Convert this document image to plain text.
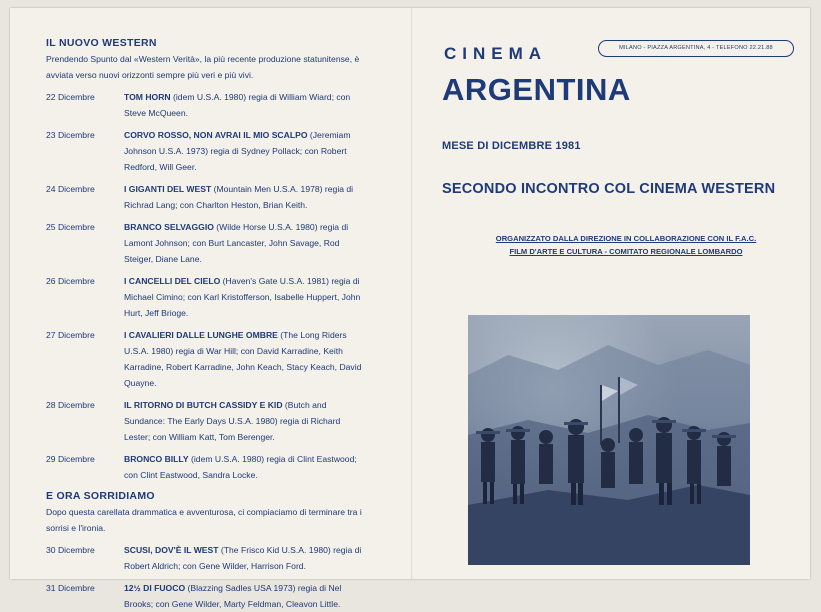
IL NUOVO WESTERN

Prendendo Spunto dal «Western Verità», la più recente produzione statunitense, è avviata verso nuovi orizzonti sempre più veri e più vivi.

22 Dicembre	TOM HORN (idem U.S.A. 1980) regia di William Wiard; con Steve McQueen.
23 Dicembre	CORVO ROSSO, NON AVRAI IL MIO SCALPO (Jeremiam Johnson U.S.A. 1973) regia di Sydney Pollack; con Robert Redford, Will Geer.
24 Dicembre	I GIGANTI DEL WEST (Mountain Men U.S.A. 1978) regia di Richrad Lang; con Charlton Heston, Brian Keith.
25 Dicembre	BRANCO SELVAGGIO (Wilde Horse U.S.A. 1980) regia di Lamont Johnson; con Burt Lancaster, John Savage, Rod Steiger, Diane Lane.
26 Dicembre	I CANCELLI DEL CIELO (Haven's Gate U.S.A. 1981) regia di Michael Cimino; con Karl Kristofferson, Isabelle Huppert, John Hurt, Jeff Brioge.
27 Dicembre	I CAVALIERI DALLE LUNGHE OMBRE (The Long Riders U.S.A. 1980) regia di War Hill; con David Karradine, Keith Karradine, Robert Karradine, John Keach, Stacy Keach, David Quayne.
28 Dicembre	IL RITORNO DI BUTCH CASSIDY E KID (Butch and Sundance: The Early Days U.S.A. 1980) regia di Richard Lester; con William Katt, Tom Berenger.
29 Dicembre	BRONCO BILLY (idem U.S.A. 1980) regia di Clint Eastwood; con Clint Eastwood, Sandra Locke.

E ORA SORRIDIAMO

Dopo questa carellata drammatica e avventurosa, ci compiaciamo di terminare tra i sorrisi e l'ironia.

30 Dicembre	SCUSI, DOV'È IL WEST (The Frisco Kid U.S.A. 1980) regia di Robert Aldrich; con Gene Wilder, Harrison Ford.
31 Dicembre	12½ DI FUOCO (Blazzing Sadles USA 1973) regia di Nel Brooks; con Gene Wilder, Marty Feldman, Cleavon Little.
CINEMA	MILANO - PIAZZA ARGENTINA, 4 - TELEFONO 22.21.88
ARGENTINA
MESE DI DICEMBRE 1981
SECONDO INCONTRO COL CINEMA WESTERN
ORGANIZZATO DALLA DIREZIONE IN COLLABORAZIONE CON IL F.A.C.
FILM D'ARTE E CULTURA - COMITATO REGIONALE LOMBARDO
